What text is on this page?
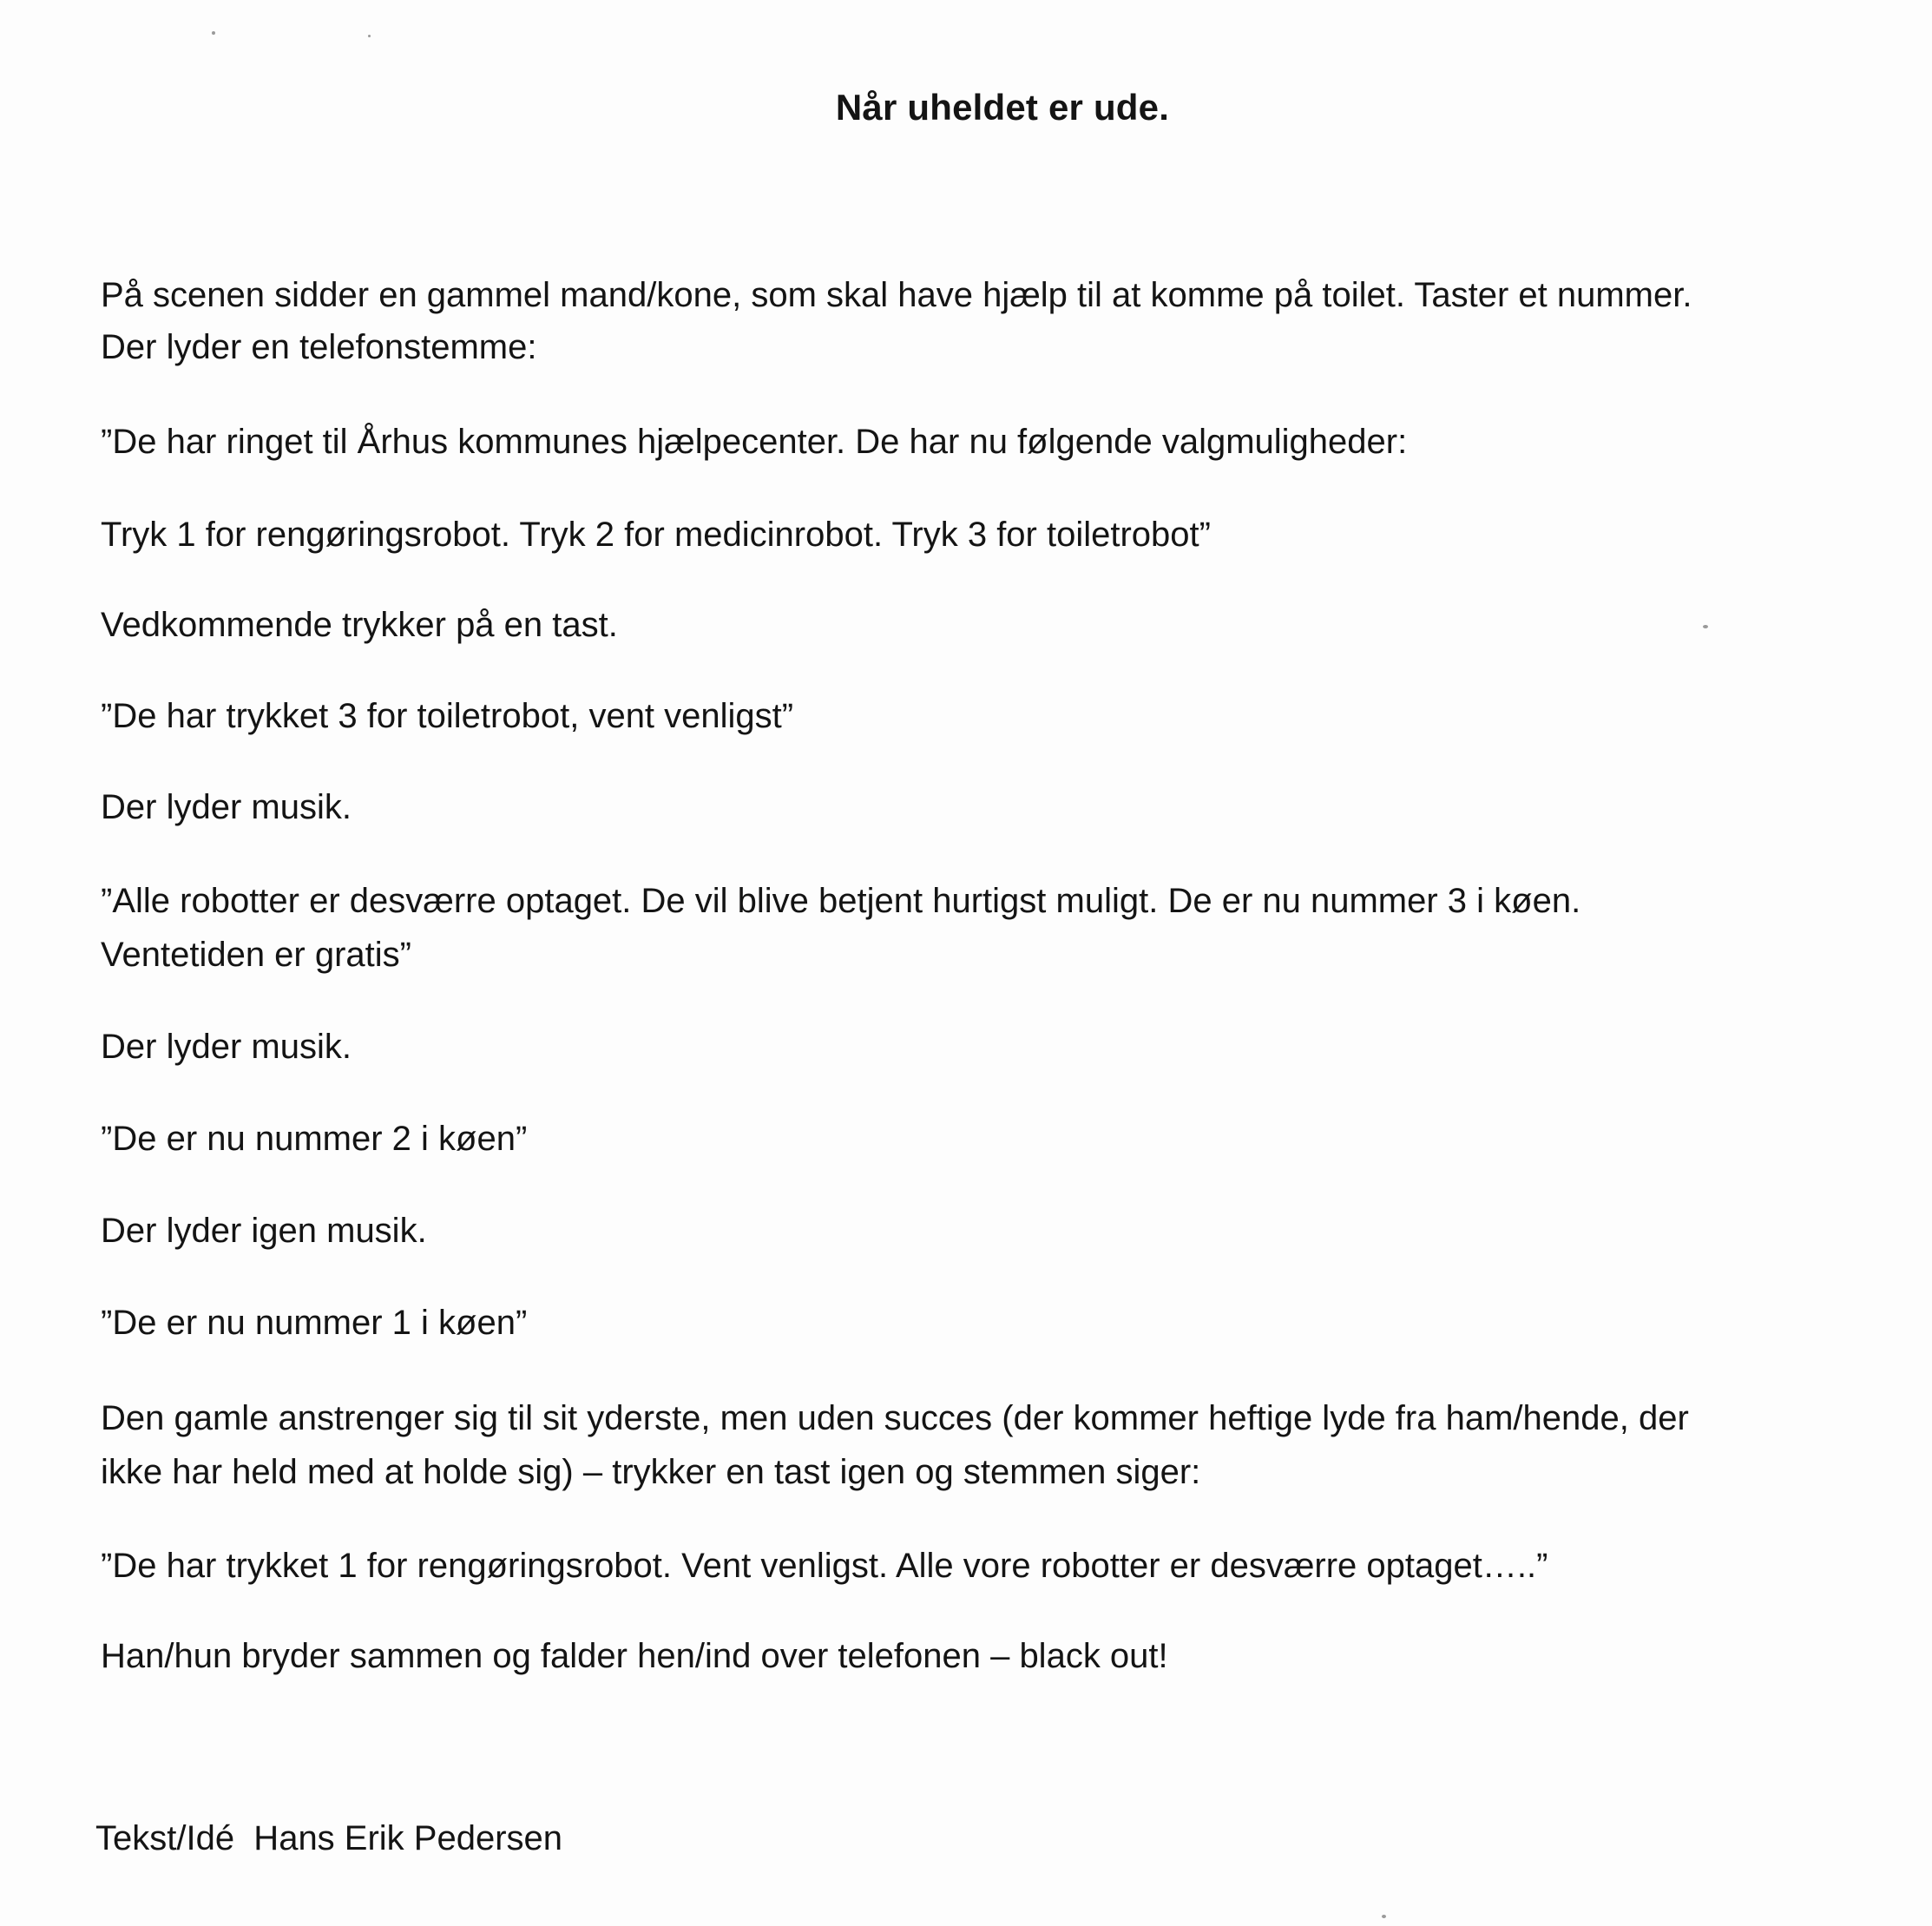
Når uheldet er ude.

På scenen sidder en gammel mand/kone, som skal have hjælp til at komme på toilet. Taster et nummer.

Der lyder en telefonstemme:

”De har ringet til Århus kommunes hjælpecenter. De har nu følgende valgmuligheder:

Tryk 1 for rengøringsrobot. Tryk 2 for medicinrobot. Tryk 3 for toiletrobot”

Vedkommende trykker på en tast.

”De har trykket 3 for toiletrobot, vent venligst”

Der lyder musik.

”Alle robotter er desværre optaget. De vil blive betjent hurtigst muligt. De er nu nummer 3 i køen.

Ventetiden er gratis”

Der lyder musik.

”De er nu nummer 2 i køen”

Der lyder igen musik.

”De er nu nummer 1 i køen”

Den gamle anstrenger sig til sit yderste, men uden succes (der kommer heftige lyde fra ham/hende, der

ikke har held med at holde sig) – trykker en tast igen og stemmen siger:

”De har trykket 1 for rengøringsrobot. Vent venligst. Alle vore robotter er desværre optaget…..”

Han/hun bryder sammen og falder hen/ind over telefonen – black out!

Tekst/Idé  Hans Erik Pedersen
